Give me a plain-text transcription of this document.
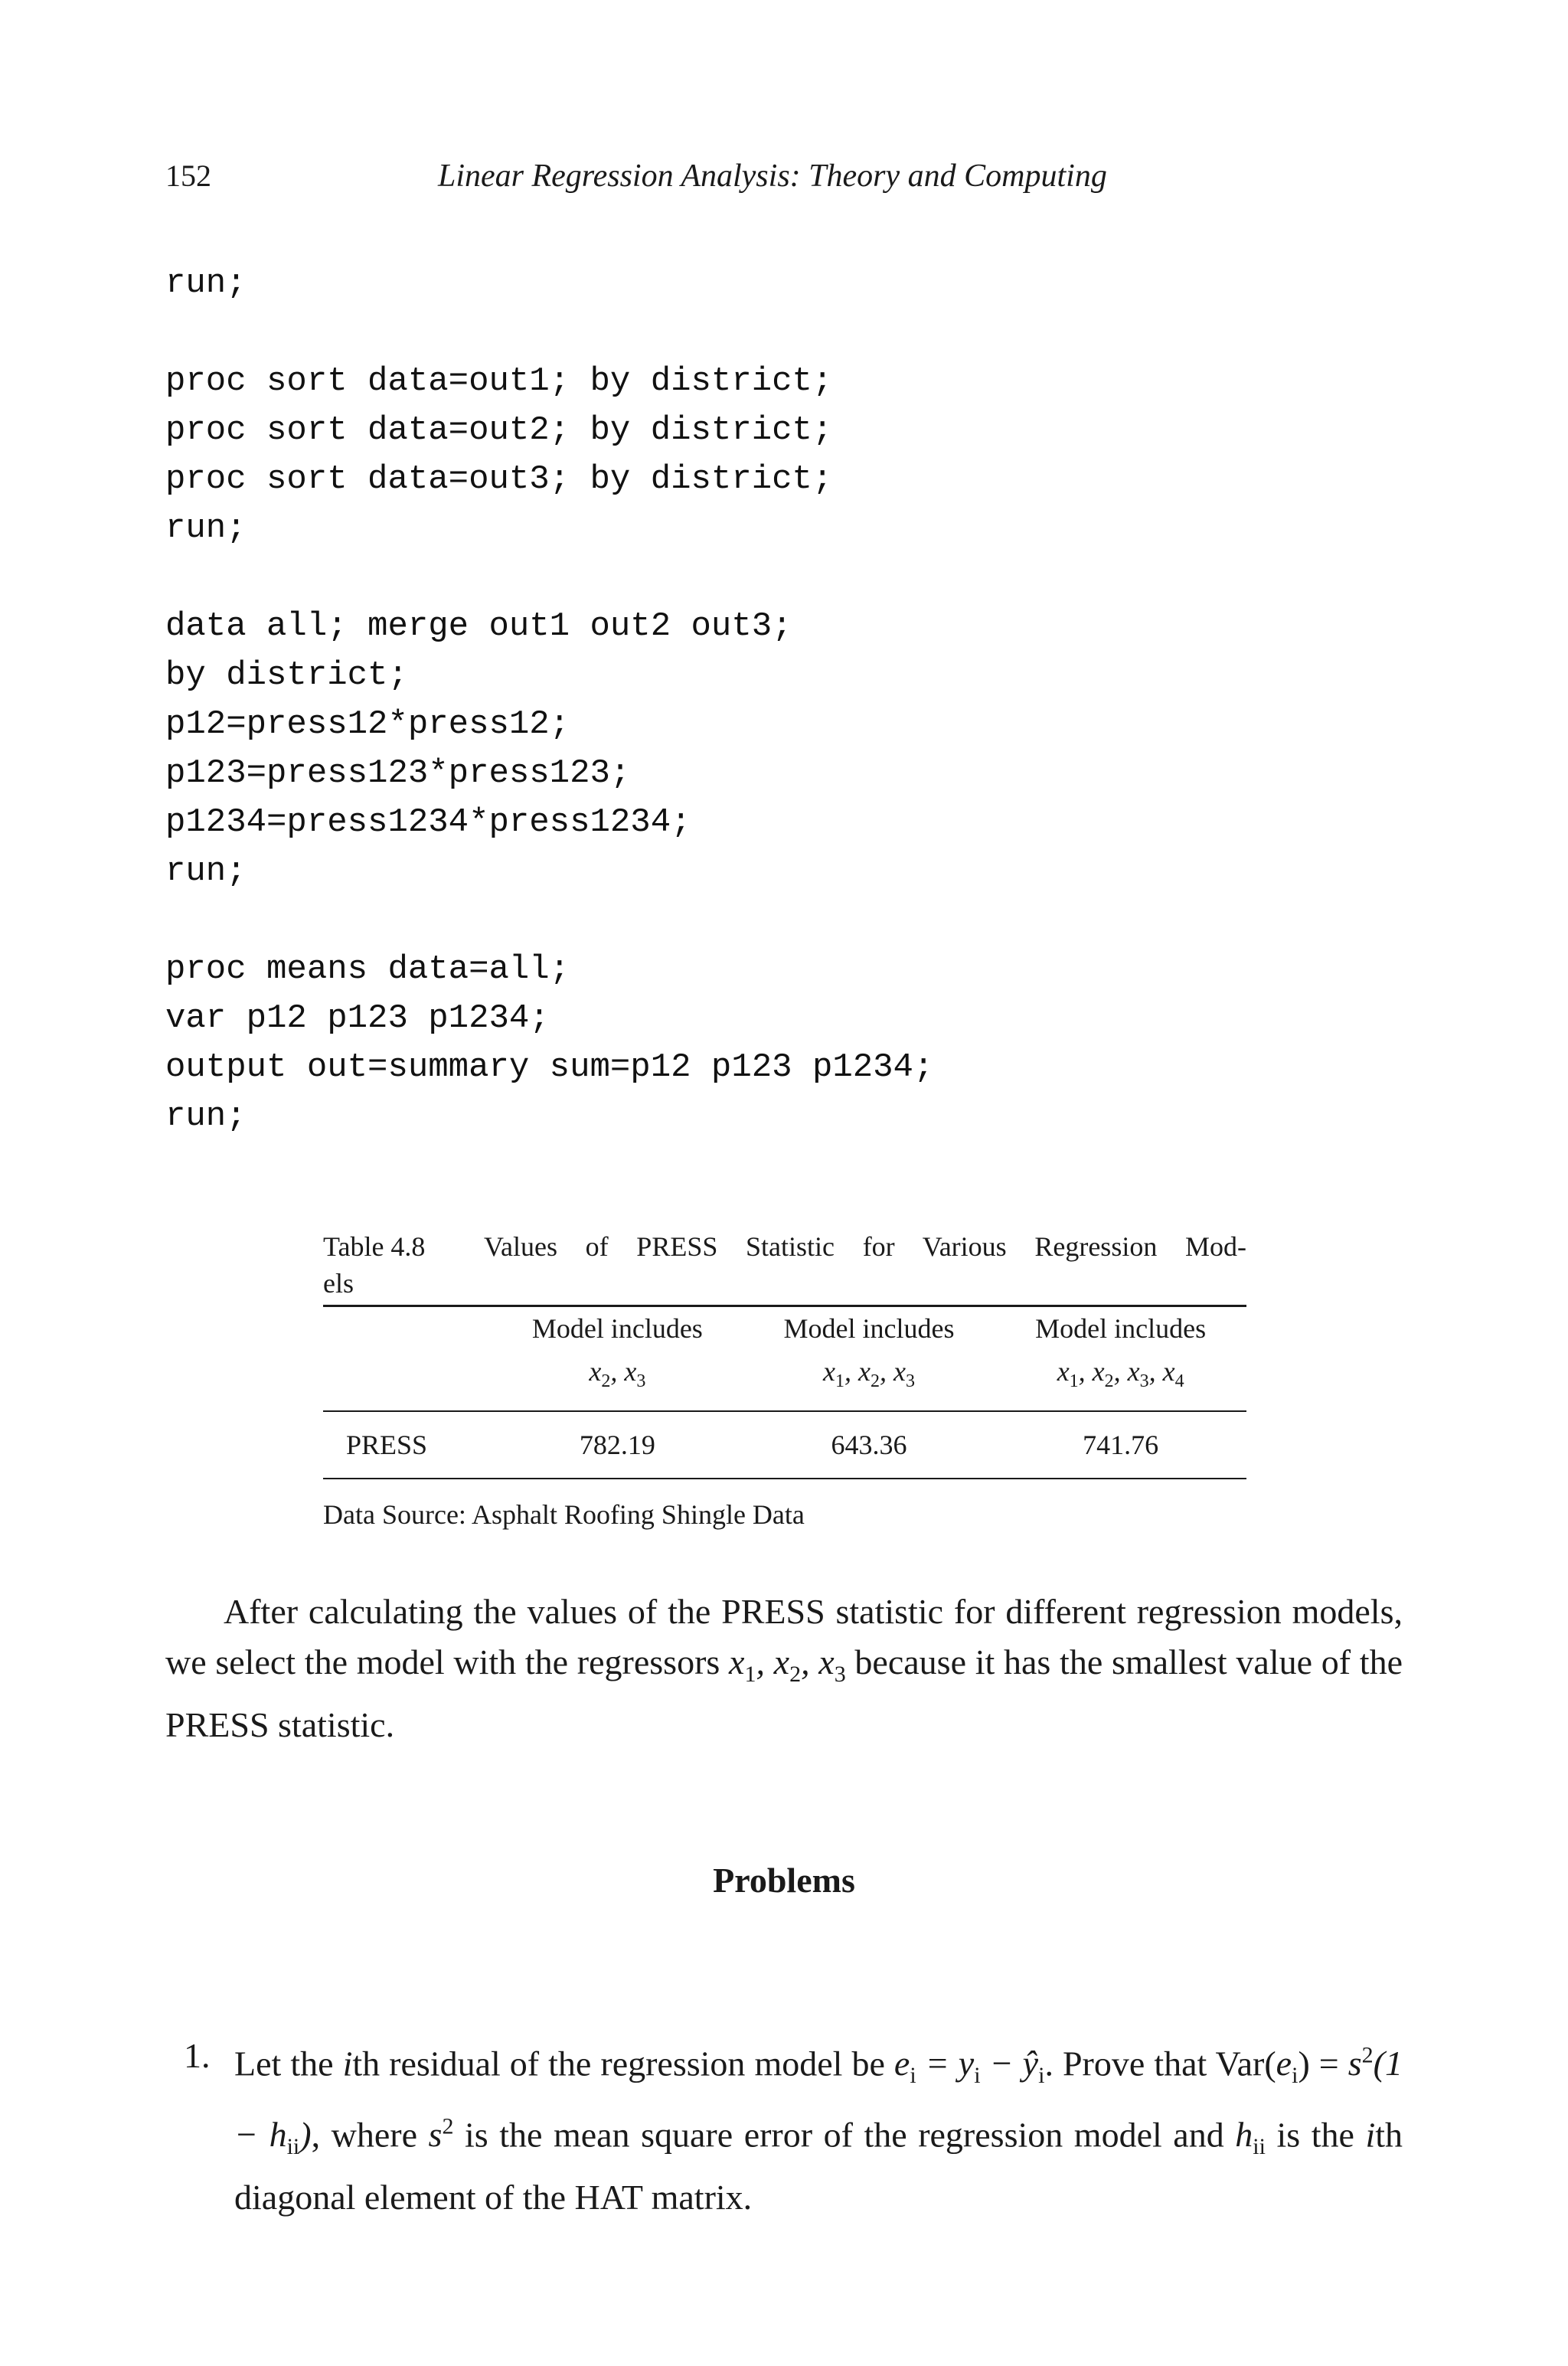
152	Linear Regression Analysis: Theory and Computing
run;
proc sort data=out1; by district;
proc sort data=out2; by district;
proc sort data=out3; by district;
run;
data all; merge out1 out2 out3;
by district;
p12=press12*press12;
p123=press123*press123;
p1234=press1234*press1234;
run;
proc means data=all;
var p12 p123 p1234;
output out=summary sum=p12 p123 p1234;
run;
Table 4.8 Values of PRESS Statistic for Various Regression Mod-
els
	Model includes	Model includes	Model includes
	$x_2$, $x_3$	$x_1$, $x_2$, $x_3$	$x_1$, $x_2$, $x_3$, $x_4$
PRESS	782.19	643.36	741.76
Data Source: Asphalt Roofing Shingle Data
After calculating the values of the PRESS statistic for different regression models, we select the model with the regressors $x_1$, $x_2$, $x_3$ because it has the smallest value of the PRESS statistic.
Problems
1. Let the ith residual of the regression model be $e_i = y_i$ − $ŷ_i$. Prove that $Var(e_i) = s^2(1 - h_{ii})$, where $s^2$ is the mean square error of the regression model and $h_{ii}$ is the ith diagonal element of the HAT matrix.
